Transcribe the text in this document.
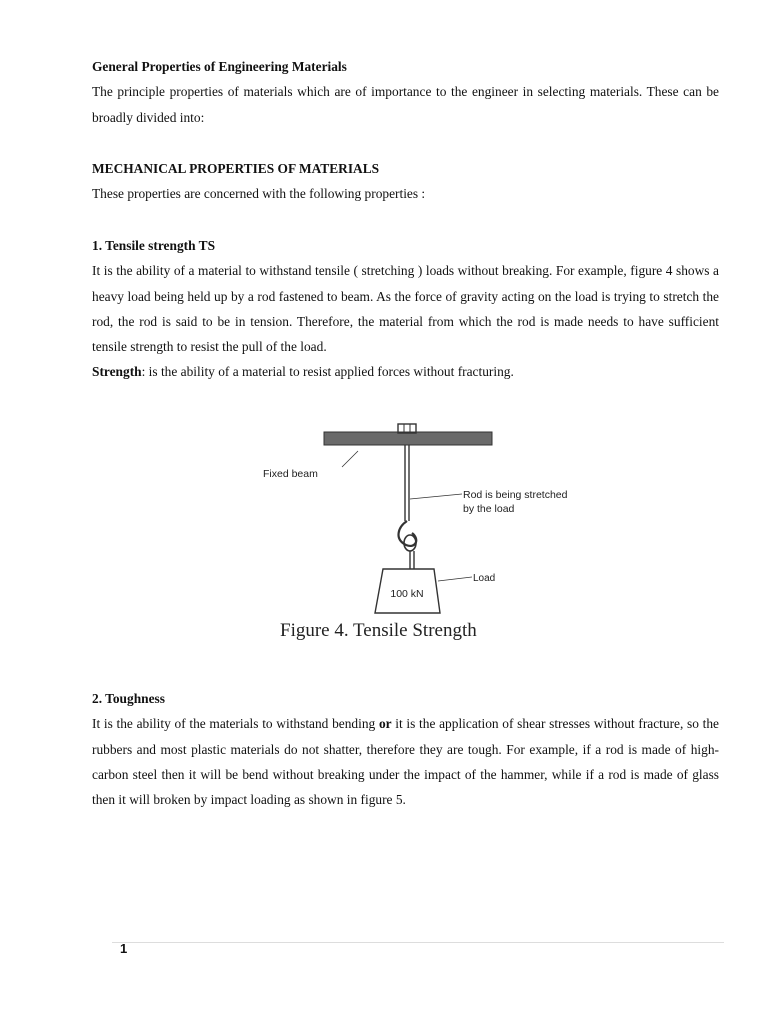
General Properties of Engineering Materials

The principle properties of materials which are of importance to the engineer in selecting materials. These can be broadly divided into:

MECHANICAL PROPERTIES OF MATERIALS

These properties are concerned with the following properties :

1. Tensile strength TS

It is the ability of a material to withstand tensile ( stretching ) loads without breaking. For example, figure 4 shows a heavy load being held up by a rod fastened to beam. As the force of gravity acting on the load is trying to stretch the rod, the rod is said to be in tension. Therefore, the material from which the rod is made needs to have sufficient tensile strength to resist the pull of the load.

Strength: is the ability of a material to resist applied forces without fracturing.

100 kN
Fixed beam
Rod is being stretched
by the load
Load
Figure 4. Tensile Strength

2. Toughness

It is the ability of the materials to withstand bending or it is the application of shear stresses without fracture, so the rubbers and most plastic materials do not shatter, therefore they are tough. For example, if a rod is made of high-carbon steel then it will be bend without breaking under the impact of the hammer, while if a rod is made of glass then it will broken by impact loading as shown in figure 5.

1
